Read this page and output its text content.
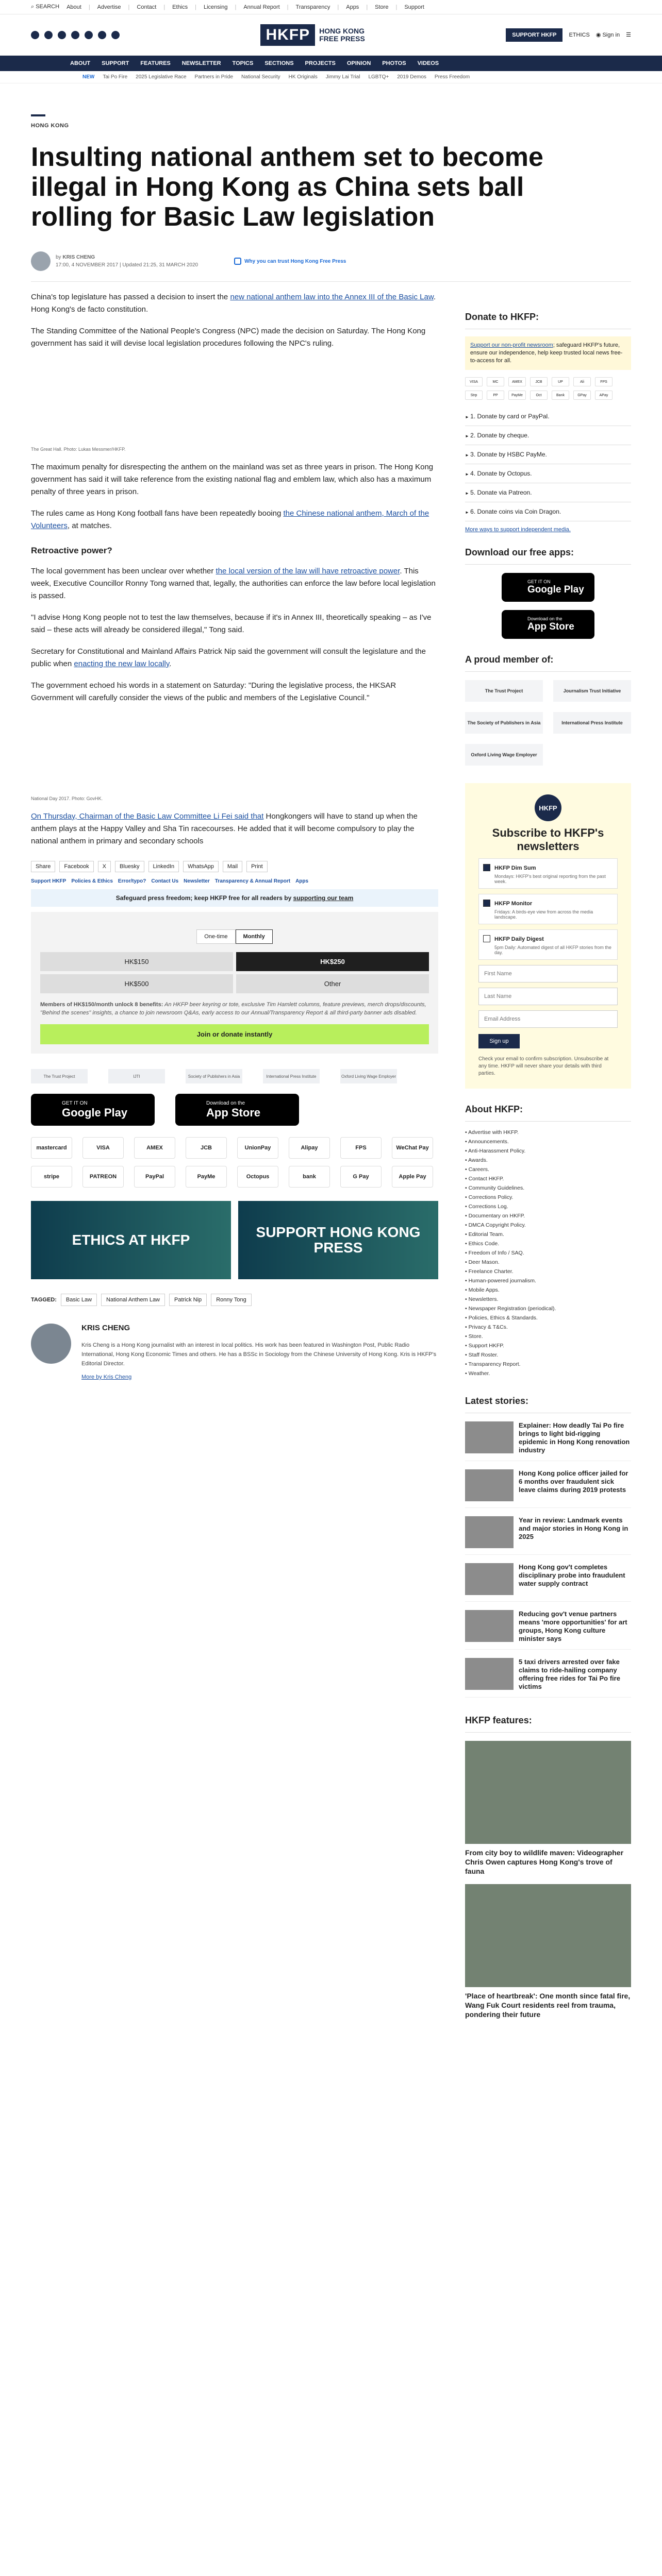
⌕ SEARCH About | Advertise | Contact | Ethics | Licensing | Annual Report | Transparency | Apps | Store | Support
HKFP	HONG KONG
FREE PRESS	SUPPORT HKFP	ETHICS ◉ Sign in ☰
ABOUT	SUPPORT	FEATURES	NEWSLETTER	TOPICS	SECTIONS	PROJECTS	OPINION	PHOTOS	VIDEOS
NEW Tai Po Fire 2025 Legislative Race Partners in Pride National Security HK Originals Jimmy Lai Trial LGBTQ+ 2019 Demos Press Freedom
HONG KONG
Insulting national anthem set to become illegal in Hong Kong as China sets ball rolling for Basic Law legislation
by KRIS CHENG
17:00, 4 NOVEMBER 2017 | Updated 21:25, 31 MARCH 2020
Why you can trust Hong Kong Free Press

China's top legislature has passed a decision to insert the new national anthem law into the Annex III of the Basic Law. Hong Kong's de facto constitution.

The Standing Committee of the National People's Congress (NPC) made the decision on Saturday. The Hong Kong government has said it will devise local legislation procedures following the NPC's ruling.

The Great Hall. Photo: Lukas Messmer/HKFP.

The maximum penalty for disrespecting the anthem on the mainland was set as three years in prison. The Hong Kong government has said it will take reference from the existing national flag and emblem law, which also has a maximum penalty of three years in prison.

The rules came as Hong Kong football fans have been repeatedly booing the Chinese national anthem, March of the Volunteers, at matches.

Retroactive power?

The local government has been unclear over whether the local version of the law will have retroactive power. This week, Executive Councillor Ronny Tong warned that, legally, the authorities can enforce the law before local legislation is passed.

"I advise Hong Kong people not to test the law themselves, because if it's in Annex III, theoretically speaking – as I've said – these acts will already be considered illegal," Tong said.

Secretary for Constitutional and Mainland Affairs Patrick Nip said the government will consult the legislature and the public when enacting the new law locally.

The government echoed his words in a statement on Saturday: "During the legislative process, the HKSAR Government will carefully consider the views of the public and members of the Legislative Council."

National Day 2017. Photo: GovHK.

On Thursday, Chairman of the Basic Law Committee Li Fei said that Hongkongers will have to stand up when the anthem plays at the Happy Valley and Sha Tin racecourses. He added that it will become compulsory to play the national anthem in primary and secondary schools

Share	Facebook	X	Bluesky	LinkedIn	WhatsApp	Mail	Print
Support HKFP Policies & Ethics Error/typo? Contact Us Newsletter Transparency & Annual Report Apps
Safeguard press freedom; keep HKFP free for all readers by supporting our team
One-time	Monthly
HK$150	HK$250
HK$500	Other
Members of HK$150/month unlock 8 benefits: An HKFP beer keyring or tote, exclusive Tim Hamlett columns, feature previews, merch drops/discounts, "Behind the scenes" insights, a chance to join newsroom Q&As, early access to our Annual/Transparency Report & all third-party banner ads disabled.
Join or donate instantly
The Trust Project	IJTI	Society of Publishers in Asia	International Press Institute	Oxford Living Wage Employer
GET IT ON
Google Play
Download on the
App Store
mastercard	VISA	AMEX	JCB	UnionPay	Alipay	FPS	WeChat Pay
stripe	PATREON	PayPal	PayMe	Octopus	bank	G Pay	Apple Pay
ETHICS AT HKFP	SUPPORT HONG KONG PRESS
TAGGED:	Basic Law	National Anthem Law	Patrick Nip	Ronny Tong
KRIS CHENG

Kris Cheng is a Hong Kong journalist with an interest in local politics. His work has been featured in Washington Post, Public Radio International, Hong Kong Economic Times and others. He has a BSSc in Sociology from the Chinese University of Hong Kong. Kris is HKFP's Editorial Director.

More by Kris Cheng

Donate to HKFP:
Support our non-profit newsroom; safeguard HKFP's future, ensure our independence, help keep trusted local news free-to-access for all.
VISA	MC	AMEX	JCB	UP	Ali	FPS
Strp	PP	PayMe	Oct	Bank	GPay	APay
► 1. Donate by card or PayPal.
► 2. Donate by cheque.
► 3. Donate by HSBC PayMe.
► 4. Donate by Octopus.
► 5. Donate via Patreon.
► 6. Donate coins via Coin Dragon.
More ways to support independent media.
Download our free apps:
GET IT ON
Google Play
Download on the
App Store
A proud member of:
The Trust Project	Journalism Trust Initiative
The Society of Publishers in Asia	International Press Institute
Oxford Living Wage Employer
HKFP
Subscribe to HKFP's newsletters
HKFP Dim Sum

Mondays: HKFP's best original reporting from the past week.

HKFP Monitor

Fridays: A birds-eye view from across the media landscape.

HKFP Daily Digest

5pm Daily: Automated digest of all HKFP stories from the day.

First Name
Last Name
Email Address
Sign up
Check your email to confirm subscription. Unsubscribe at any time. HKFP will never share your details with third parties.
About HKFP:
• Advertise with HKFP.
• Announcements.
• Anti-Harassment Policy.
• Awards.
• Careers.
• Contact HKFP.
• Community Guidelines.
• Corrections Policy.
• Corrections Log.
• Documentary on HKFP.
• DMCA Copyright Policy.
• Editorial Team.
• Ethics Code.
• Freedom of Info / SAQ.
• Deer Mason.
• Freelance Charter.
• Human-powered journalism.
• Mobile Apps.
• Newsletters.
• Newspaper Registration (periodical).
• Policies, Ethics & Standards.
• Privacy & T&Cs.
• Store.
• Support HKFP.
• Staff Roster.
• Transparency Report.
• Weather.
Latest stories:
Explainer: How deadly Tai Po fire brings to light bid-rigging epidemic in Hong Kong renovation industry
Hong Kong police officer jailed for 6 months over fraudulent sick leave claims during 2019 protests
Year in review: Landmark events and major stories in Hong Kong in 2025
Hong Kong gov't completes disciplinary probe into fraudulent water supply contract
Reducing gov't venue partners means 'more opportunities' for art groups, Hong Kong culture minister says
5 taxi drivers arrested over fake claims to ride-hailing company offering free rides for Tai Po fire victims
HKFP features:
From city boy to wildlife maven: Videographer Chris Owen captures Hong Kong's trove of fauna
'Place of heartbreak': One month since fatal fire, Wang Fuk Court residents reel from trauma, pondering their future
